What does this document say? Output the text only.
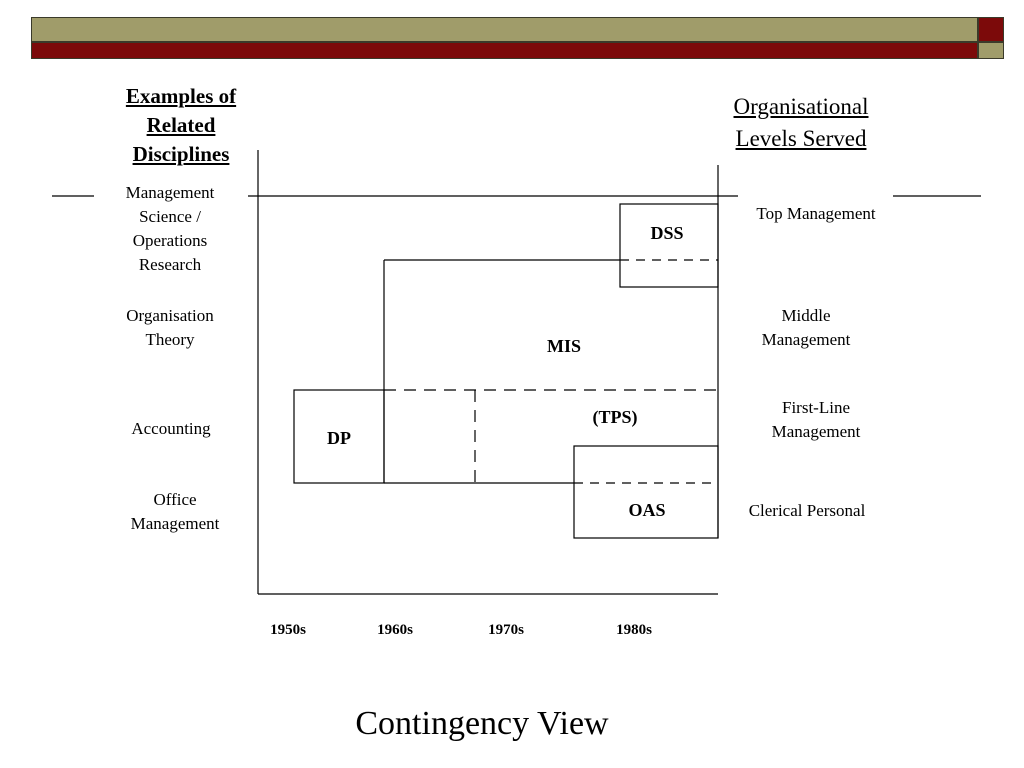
Examples of Related Disciplines
Organisational Levels Served
Management Science / Operations Research
Organisation Theory
Accounting
Office Management
Top Management
Middle Management
First-Line Management
Clerical Personal
DSS
MIS
(TPS)
DP
OAS
1950s	1960s	1970s	1980s
Contingency View
